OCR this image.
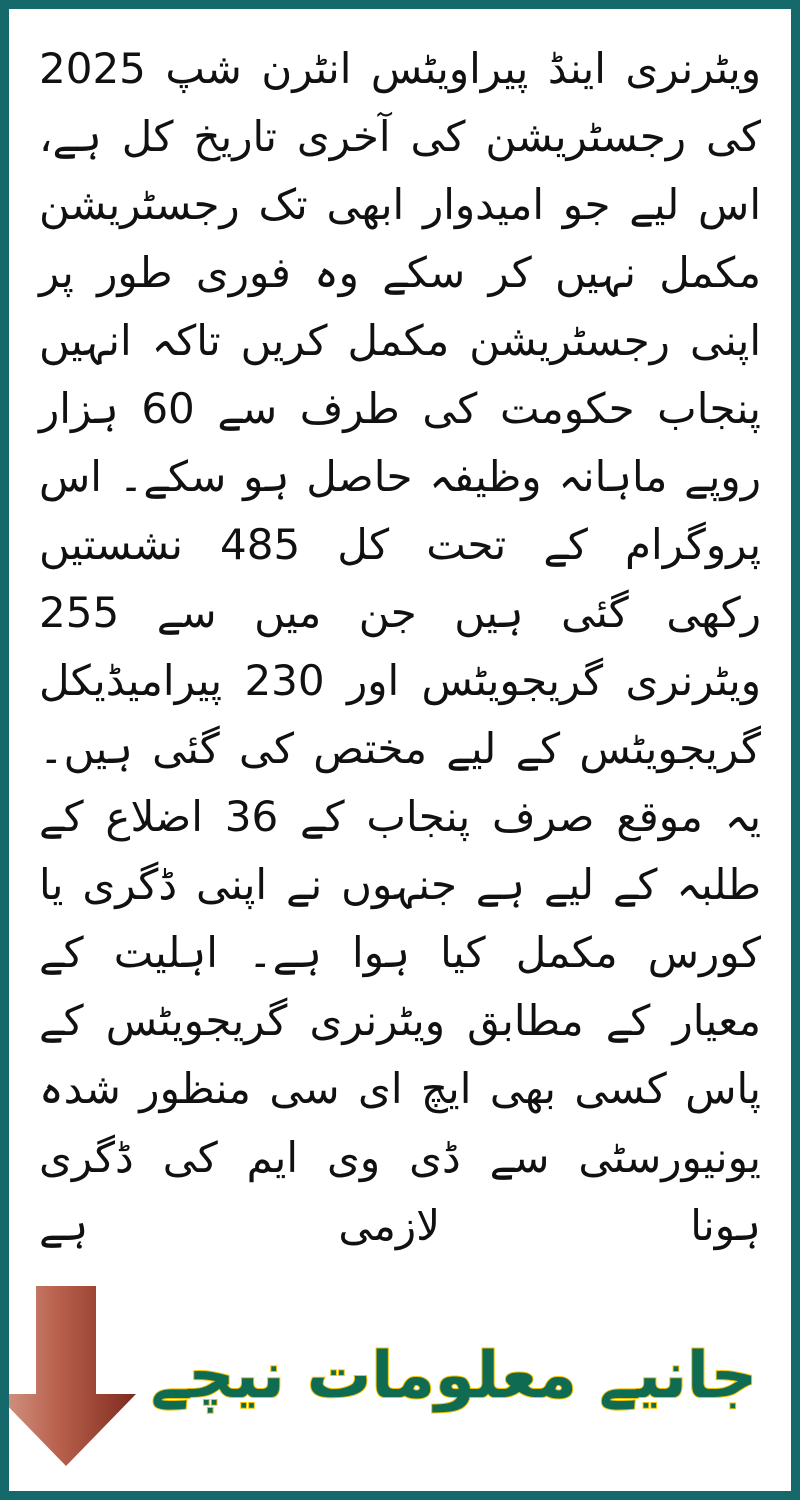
ویٹرنری اینڈ پیراویٹس انٹرن شپ 2025 کی رجسٹریشن کی آخری تاریخ کل ہے، اس لیے جو امیدوار ابھی تک رجسٹریشن مکمل نہیں کر سکے وہ فوری طور پر اپنی رجسٹریشن مکمل کریں تاکہ انہیں پنجاب حکومت کی طرف سے 60 ہزار روپے ماہانہ وظیفہ حاصل ہو سکے۔ اس پروگرام کے تحت کل 485 نشستیں رکھی گئی ہیں جن میں سے 255 ویٹرنری گریجویٹس اور 230 پیرامیڈیکل گریجویٹس کے لیے مختص کی گئی ہیں۔ یہ موقع صرف پنجاب کے 36 اضلاع کے طلبہ کے لیے ہے جنہوں نے اپنی ڈگری یا کورس مکمل کیا ہوا ہے۔ اہلیت کے معیار کے مطابق ویٹرنری گریجویٹس کے پاس کسی بھی ایچ ای سی منظور شدہ یونیورسٹی سے ڈی وی ایم کی ڈگری ہونا لازمی ہے

جانیے معلومات نیچے
